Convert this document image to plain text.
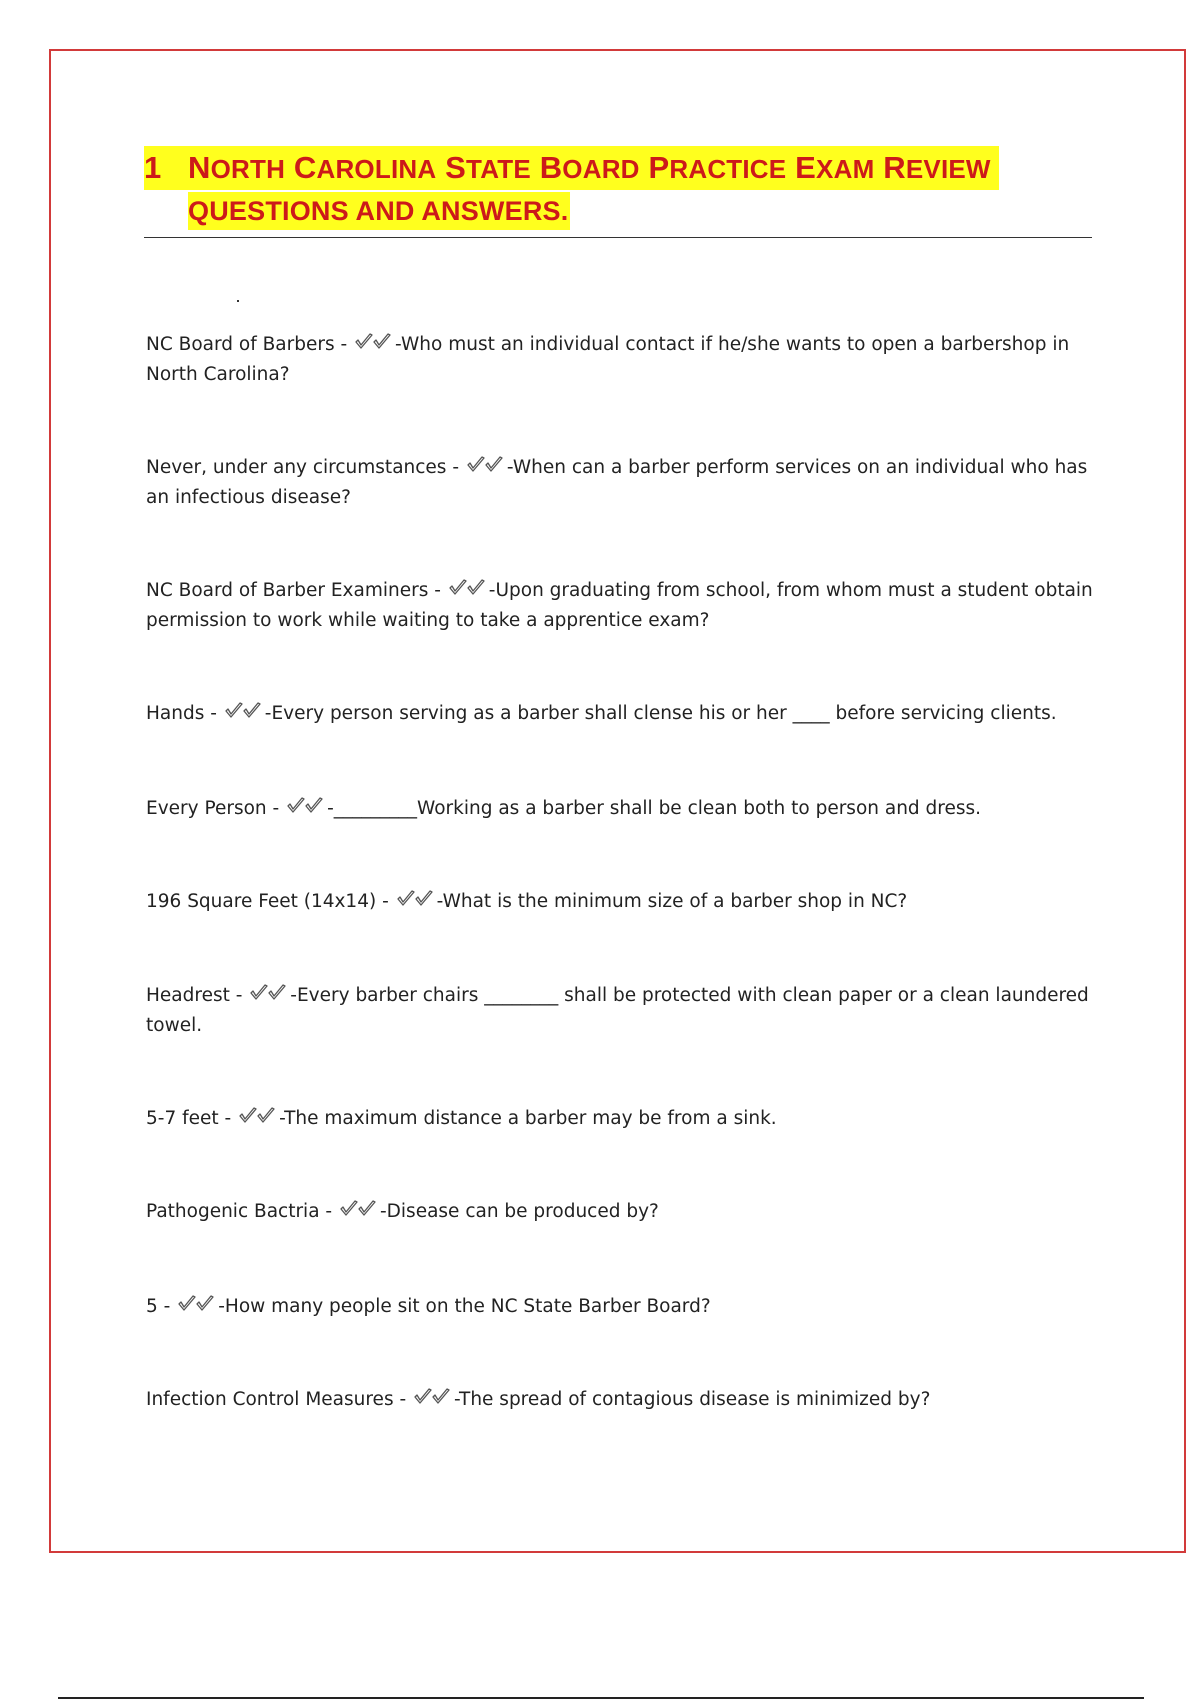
1 NORTH CAROLINA STATE BOARD PRACTICE EXAM REVIEW
QUESTIONS AND ANSWERS.
NC Board of Barbers -
-Who must an individual contact if he/she wants to open a barbershop in North Carolina?
Never, under any circumstances -
-When can a barber perform services on an individual who has an infectious disease?
NC Board of Barber Examiners -
-Upon graduating from school, from whom must a student obtain permission to work while waiting to take a apprentice exam?
Hands -
-Every person serving as a barber shall clense his or her ____ before servicing clients.
Every Person -
-_________Working as a barber shall be clean both to person and dress.
196 Square Feet (14x14) -
-What is the minimum size of a barber shop in NC?
Headrest -
-Every barber chairs ________ shall be protected with clean paper or a clean laundered towel.
5-7 feet -
-The maximum distance a barber may be from a sink.
Pathogenic Bactria -
-Disease can be produced by?
5 -
-How many people sit on the NC State Barber Board?
Infection Control Measures -
-The spread of contagious disease is minimized by?
